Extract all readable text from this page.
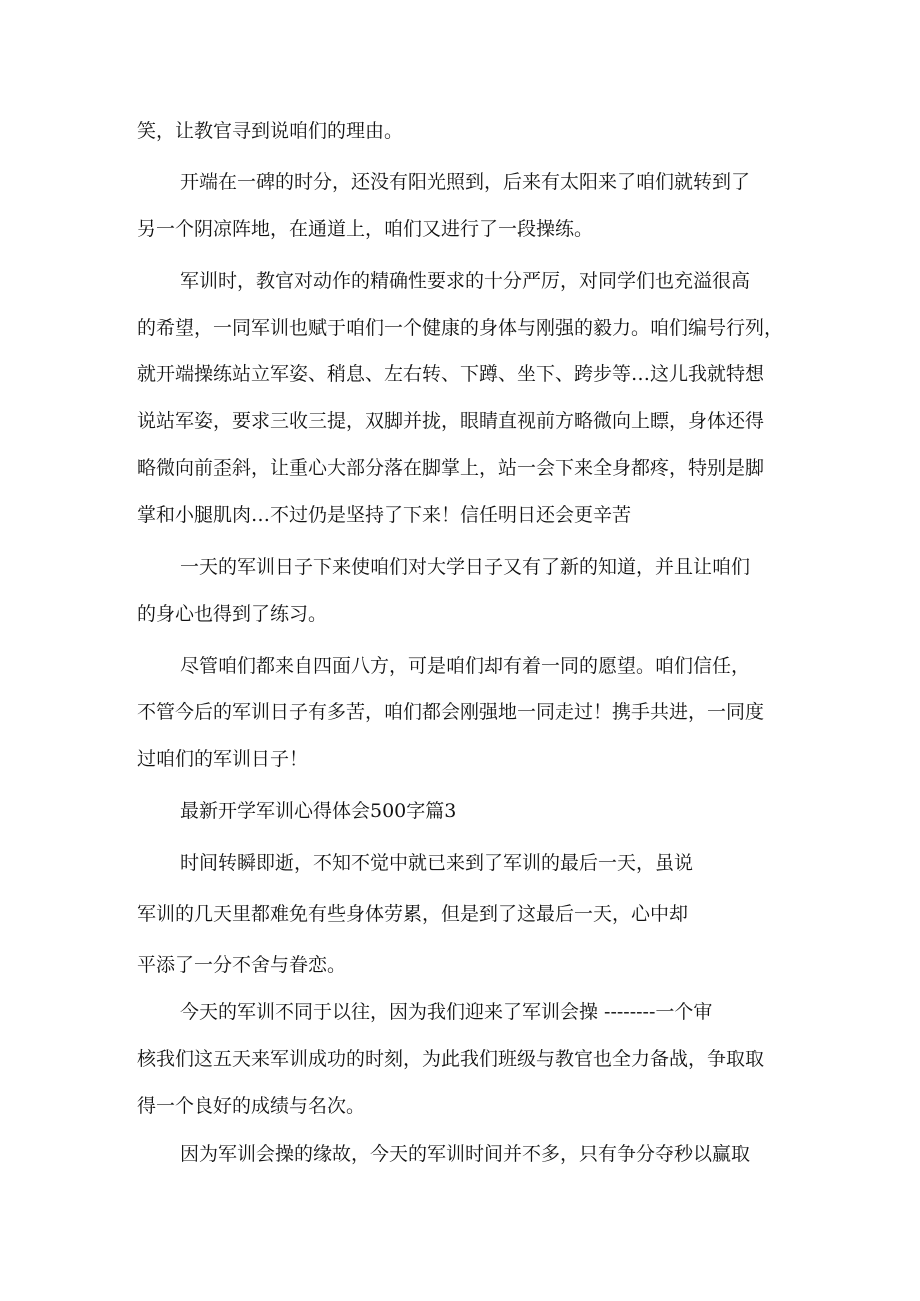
笑，让教官寻到说咱们的理由。
开端在一碑的时分，还没有阳光照到，后来有太阳来了咱们就转到了
另一个阴凉阵地，在通道上，咱们又进行了一段操练。
军训时，教官对动作的精确性要求的十分严厉，对同学们也充溢很高
的希望，一同军训也赋于咱们一个健康的身体与刚强的毅力。咱们编号行列，
就开端操练站立军姿、稍息、左右转、下蹲、坐下、跨步等…这儿我就特想
说站军姿，要求三收三提，双脚并拢，眼睛直视前方略微向上瞟，身体还得
略微向前歪斜，让重心大部分落在脚掌上，站一会下来全身都疼，特别是脚
掌和小腿肌肉…不过仍是坚持了下来！信任明日还会更辛苦
一天的军训日子下来使咱们对大学日子又有了新的知道，并且让咱们
的身心也得到了练习。
尽管咱们都来自四面八方，可是咱们却有着一同的愿望。咱们信任，
不管今后的军训日子有多苦，咱们都会刚强地一同走过！携手共进，一同度
过咱们的军训日子！
最新开学军训心得体会500字篇3
时间转瞬即逝，不知不觉中就已来到了军训的最后一天，虽说
军训的几天里都难免有些身体劳累，但是到了这最后一天，心中却
平添了一分不舍与眷恋。
今天的军训不同于以往，因为我们迎来了军训会操 --------一个审
核我们这五天来军训成功的时刻，为此我们班级与教官也全力备战，争取取
得一个良好的成绩与名次。
因为军训会操的缘故，今天的军训时间并不多，只有争分夺秒以赢取
